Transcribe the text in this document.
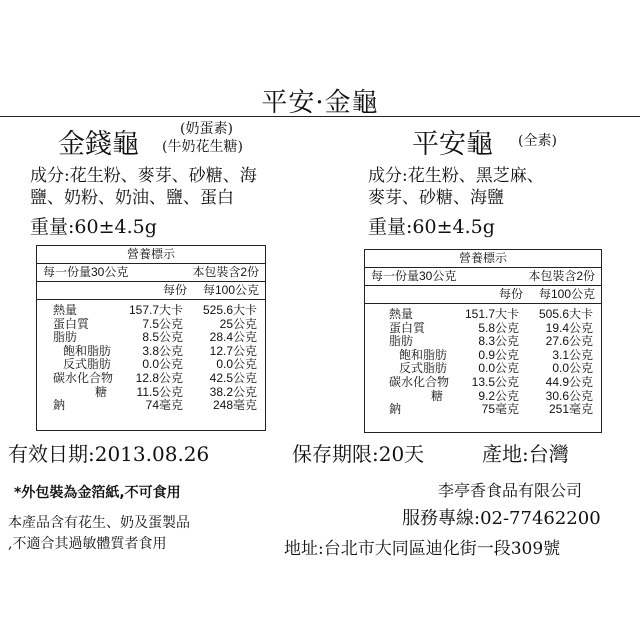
平安·金龜
金錢龜	(奶蛋素)
(牛奶花生糖)
成分:花生粉、麥芽、砂糖、海
鹽、奶粉、奶油、鹽、蛋白
重量:60±4.5g
營養標示
每一份量30公克	本包裝含2份
每份 每100公克
熱量	157.7大卡 525.6大卡
蛋白質	7.5公克	25公克
脂肪	8.5公克 28.4公克
飽和脂肪	3.8公克 12.7公克
反式脂肪	0.0公克	0.0公克
碳水化合物 12.8公克 42.5公克
糖 11.5公克 38.2公克
鈉	74毫克 248毫克
平安龜 (全素)
成分:花生粉、黑芝麻、
麥芽、砂糖、海鹽
重量:60±4.5g
營養標示
每一份量30公克	本包裝含2份
每份 每100公克
熱量	151.7大卡 505.6大卡
蛋白質	5.8公克 19.4公克
脂肪	8.3公克 27.6公克
飽和脂肪	0.9公克	3.1公克
反式脂肪	0.0公克	0.0公克
碳水化合物 13.5公克 44.9公克
糖	9.2公克 30.6公克
鈉	75毫克 251毫克
有效日期:2013.08.26	保存期限:20天	產地:台灣
*外包裝為金箔紙,不可食用
本產品含有花生、奶及蛋製品
,不適合其過敏體質者食用
李亭香食品有限公司
服務專線:02-77462200
地址:台北市大同區迪化街一段309號
